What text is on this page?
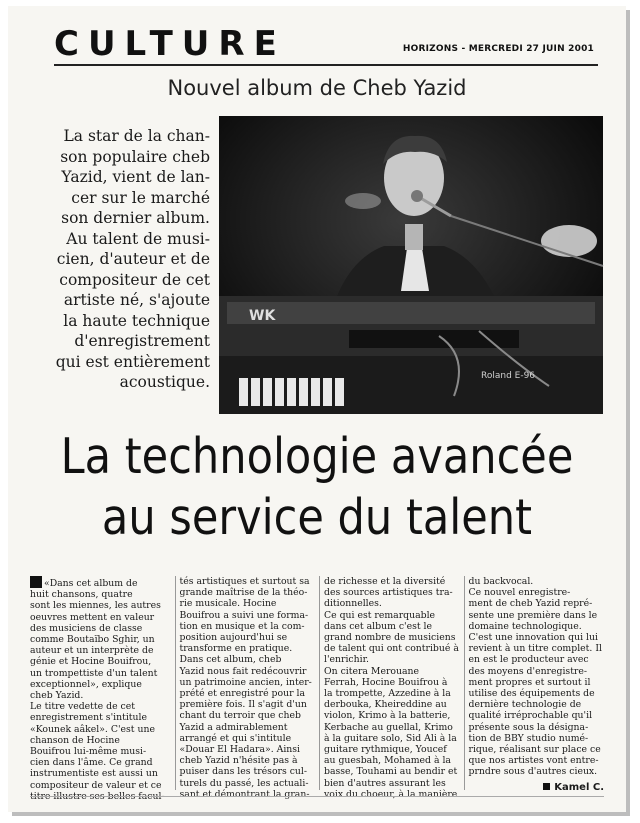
CULTURE	HORIZONS - MERCREDI 27 JUIN 2001
Nouvel album de Cheb Yazid
La star de la chan-
son populaire cheb
Yazid, vient de lan-
cer sur le marché
son dernier album.
Au talent de musi-
cien, d'auteur et de
compositeur de cet
artiste né, s'ajoute
la haute technique
d'enregistrement
qui est entièrement
acoustique.
WK
Roland E-96
La technologie avancée
au service du talent
«Dans cet album de
huit chansons, quatre
sont les miennes, les autres
oeuvres mettent en valeur
des musiciens de classe
comme Boutaïbo Sghir, un
auteur et un interprète de
génie et Hocine Bouifrou,
un trompettiste d'un talent
exceptionnel», explique
cheb Yazid.
Le titre vedette de cet
enregistrement s'intitule
«Kounek aâkel». C'est une
chanson de Hocine
Bouifrou lui-même musi-
cien dans l'âme. Ce grand
instrumentiste est aussi un
compositeur de valeur et ce
titre illustre ses belles facul-
tés artistiques et surtout sa
grande maîtrise de la théo-
rie musicale. Hocine
Bouifrou a suivi une forma-
tion en musique et la com-
position aujourd'hui se
transforme en pratique.
Dans cet album, cheb
Yazid nous fait redécouvrir
un patrimoine ancien, inter-
prété et enregistré pour la
première fois. Il s'agit d'un
chant du terroir que cheb
Yazid a admirablement
arrangé et qui s'intitule
«Douar El Hadara». Ainsi
cheb Yazid n'hésite pas à
puiser dans les trésors cul-
turels du passé, les actuali-
sant et démontrant la gran-
de richesse et la diversité
des sources artistiques tra-
ditionnelles.
Ce qui est remarquable
dans cet album c'est le
grand nombre de musiciens
de talent qui ont contribué à
l'enrichir.
On citera Merouane
Ferrah, Hocine Bouifrou à
la trompette, Azzedine à la
derbouka, Kheireddine au
violon, Krimo à la batterie,
Kerbache au guellal, Krimo
à la guitare solo, Sid Ali à la
guitare rythmique, Youcef
au guesbah, Mohamed à la
basse, Touhami au bendir et
bien d'autres assurant les
voix du choeur, à la manière
du backvocal.
Ce nouvel enregistre-
ment de cheb Yazid repré-
sente une première dans le
domaine technologique.
C'est une innovation qui lui
revient à un titre complet. Il
en est le producteur avec
des moyens d'enregistre-
ment propres et surtout il
utilise des équipements de
dernière technologie de
qualité irréprochable qu'il
présente sous la désigna-
tion de BBY studio numé-
rique, réalisant sur place ce
que nos artistes vont entre-
prndre sous d'autres cieux.
Kamel C.
